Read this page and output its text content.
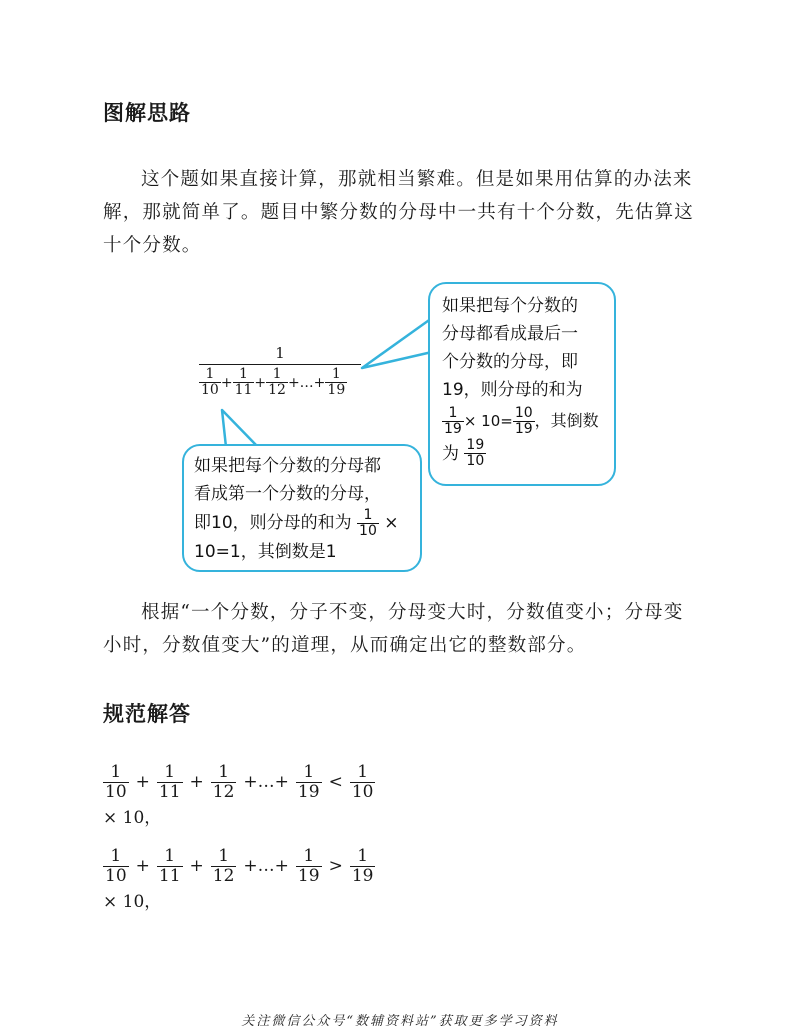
图解思路
这个题如果直接计算，那就相当繁难。但是如果用估算的办法来
解，那就简单了。题目中繁分数的分母中一共有十个分数，先估算这
十个分数。
$\frac{1}{\frac{1}{10} + \frac{1}{11} + \frac{1}{12} +\dots+ \frac{1}{19}}$
如果把每个分数的
分母都看成最后一
个分数的分母，即
19，则分母的和为
$\frac{1}{19} \times 10= \frac{10}{19}$ ，其倒数
为 $\frac{19}{10}$
如果把每个分数的分母都
看成第一个分数的分母，
即10，则分母的和为 $\frac{1}{10}$ ×
10=1，其倒数是1
根据“一个分数，分子不变，分母变大时，分数值变小；分母变
小时，分数值变大”的道理，从而确定出它的整数部分。
规范解答
$\frac{1}{10} + \frac{1}{11} + \frac{1}{12}$ +…+ $\frac{1}{19} < \frac{1}{10}$
× 10，
$\frac{1}{10} + \frac{1}{11} + \frac{1}{12}$ +…+ $\frac{1}{19} > \frac{1}{19}$
× 10，
关注微信公众号“数辅资料站”获取更多学习资料
